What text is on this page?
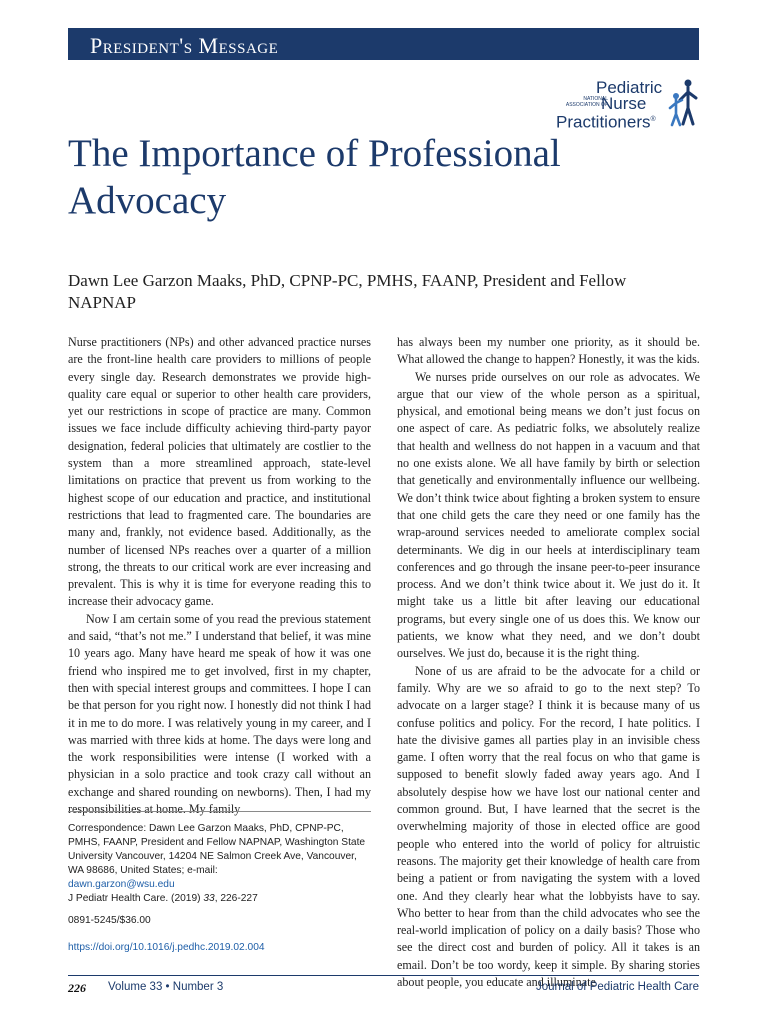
President's Message
Pediatric
NATIONAL ASSOCIATION OF
Nurse
Practitioners®
The Importance of Professional Advocacy
Dawn Lee Garzon Maaks, PhD, CPNP-PC, PMHS, FAANP, President and Fellow NAPNAP

Nurse practitioners (NPs) and other advanced practice nurses are the front-line health care providers to millions of people every single day. Research demonstrates we provide high-quality care equal or superior to other health care providers, yet our restrictions in scope of practice are many. Common issues we face include difficulty achieving third-party payor designation, federal policies that ultimately are costlier to the system than a more streamlined approach, state-level limitations on practice that prevent us from working to the highest scope of our education and practice, and institutional restrictions that lead to fragmented care. The boundaries are many and, frankly, not evidence based. Additionally, as the number of licensed NPs reaches over a quarter of a million strong, the threats to our critical work are ever increasing and prevalent. This is why it is time for everyone reading this to increase their advocacy game.

Now I am certain some of you read the previous statement and said, “that’s not me.” I understand that belief, it was mine 10 years ago. Many have heard me speak of how it was one friend who inspired me to get involved, first in my chapter, then with special interest groups and committees. I hope I can be that person for you right now. I honestly did not think I had it in me to do more. I was relatively young in my career, and I was married with three kids at home. The days were long and the work responsibilities were intense (I worked with a physician in a solo practice and took crazy call without an exchange and shared rounding on newborns). Then, I had my responsibilities at home. My family

has always been my number one priority, as it should be. What allowed the change to happen? Honestly, it was the kids.

We nurses pride ourselves on our role as advocates. We argue that our view of the whole person as a spiritual, physical, and emotional being means we don’t just focus on one aspect of care. As pediatric folks, we absolutely realize that health and wellness do not happen in a vacuum and that no one exists alone. We all have family by birth or selection that genetically and environmentally influence our wellbeing. We don’t think twice about fighting a broken system to ensure that one child gets the care they need or one family has the wrap-around services needed to ameliorate complex social determinants. We dig in our heels at interdisciplinary team conferences and go through the insane peer-to-peer insurance process. And we don’t think twice about it. We just do it. It might take us a little bit after leaving our educational programs, but every single one of us does this. We know our patients, we know what they need, and we don’t doubt ourselves. We just do, because it is the right thing.

None of us are afraid to be the advocate for a child or family. Why are we so afraid to go to the next step? To advocate on a larger stage? I think it is because many of us confuse politics and policy. For the record, I hate politics. I hate the divisive games all parties play in an invisible chess game. I often worry that the real focus on who that game is supposed to benefit slowly faded away years ago. And I absolutely despise how we have lost our national center and common ground. But, I have learned that the secret is the overwhelming majority of those in elected office are good people who entered into the world of policy for altruistic reasons. The majority get their knowledge of health care from being a patient or from navigating the system with a loved one. And they clearly hear what the lobbyists have to say. Who better to hear from than the child advocates who see the real-world implication of policy on a daily basis? Those who see the direct cost and burden of policy. All it takes is an email. Don’t be too wordy, keep it simple. By sharing stories about people, you educate and illuminate

Correspondence: Dawn Lee Garzon Maaks, PhD, CPNP-PC, PMHS, FAANP, President and Fellow NAPNAP, Washington State University Vancouver, 14204 NE Salmon Creek Ave, Vancouver, WA 98686, United States; e-mail:
dawn.garzon@wsu.edu
J Pediatr Health Care. (2019) 33, 226-227
0891-5245/$36.00
https://doi.org/10.1016/j.pedhc.2019.02.004
226 Volume 33 • Number 3	Journal of Pediatric Health Care
